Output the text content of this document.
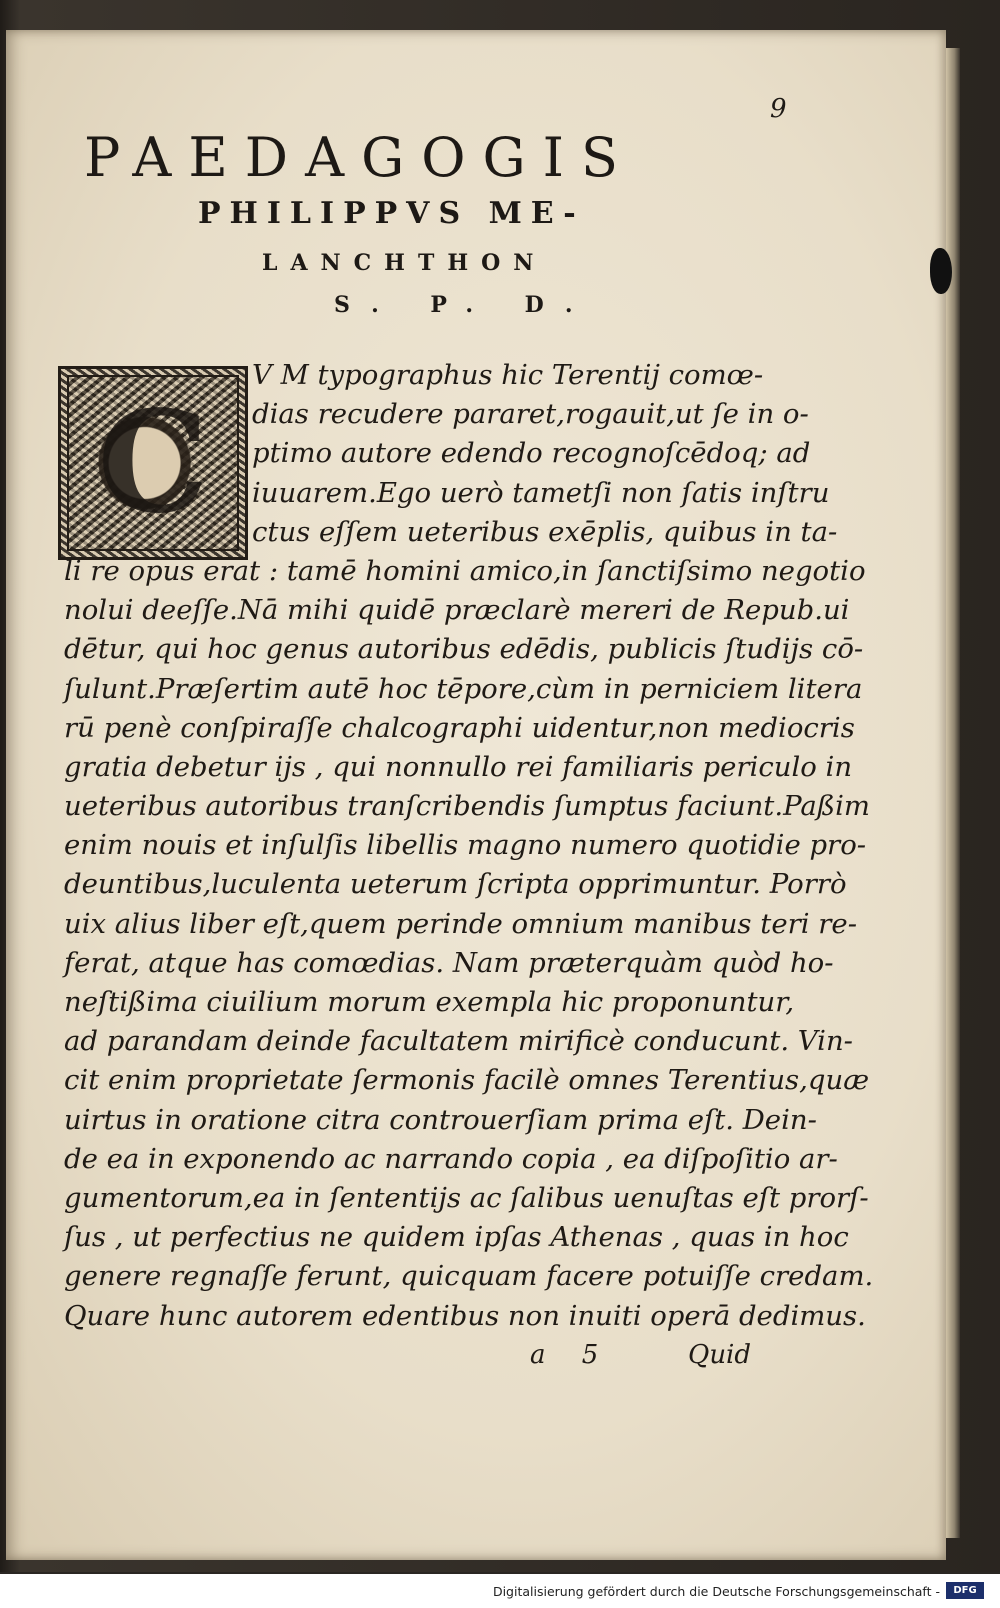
9
PAEDAGOGIS
PHILIPPVS ME-
LANCHTHON
S. P. D.
C
V M typographus hic Terentij comœ-
dias recudere pararet,rogauit,ut ſe in o-
ptimo autore edendo recognoſcēdoq; ad
iuuarem.Ego uerò tametſi non ſatis inſtru
ctus eſſem ueteribus exēplis, quibus in ta-
li re opus erat : tamē homini amico,in ſanctiſsimo negotio
nolui deeſſe.Nā mihi quidē præclarè mereri de Repub.ui
dētur, qui hoc genus autoribus edēdis, publicis ſtudijs cō-
ſulunt.Præſertim autē hoc tēpore,cùm in perniciem litera
rū penè conſpiraſſe chalcographi uidentur,non mediocris
gratia debetur ijs , qui nonnullo rei familiaris periculo in
ueteribus autoribus tranſcribendis ſumptus faciunt.Paßim
enim nouis et inſulſis libellis magno numero quotidie pro-
deuntibus,luculenta ueterum ſcripta opprimuntur. Porrò
uix alius liber eſt,quem perinde omnium manibus teri re-
ferat, atque has comœdias. Nam præterquàm quòd ho-
neſtißima ciuilium morum exempla hic proponuntur,
ad parandam deinde facultatem mirificè conducunt. Vin-
cit enim proprietate ſermonis facilè omnes Terentius,quæ
uirtus in oratione citra controuerſiam prima eſt. Dein-
de ea in exponendo ac narrando copia , ea diſpoſitio ar-
gumentorum,ea in ſententijs ac ſalibus uenuſtas eſt prorſ-
ſus , ut perfectius ne quidem ipſas Athenas , quas in hoc
genere regnaſſe ferunt, quicquam facere potuiſſe credam.
Quare hunc autorem edentibus non inuiti operā dedimus.
a 5	Quid
Digitalisierung gefördert durch die Deutsche Forschungsgemeinschaft -	DFG
